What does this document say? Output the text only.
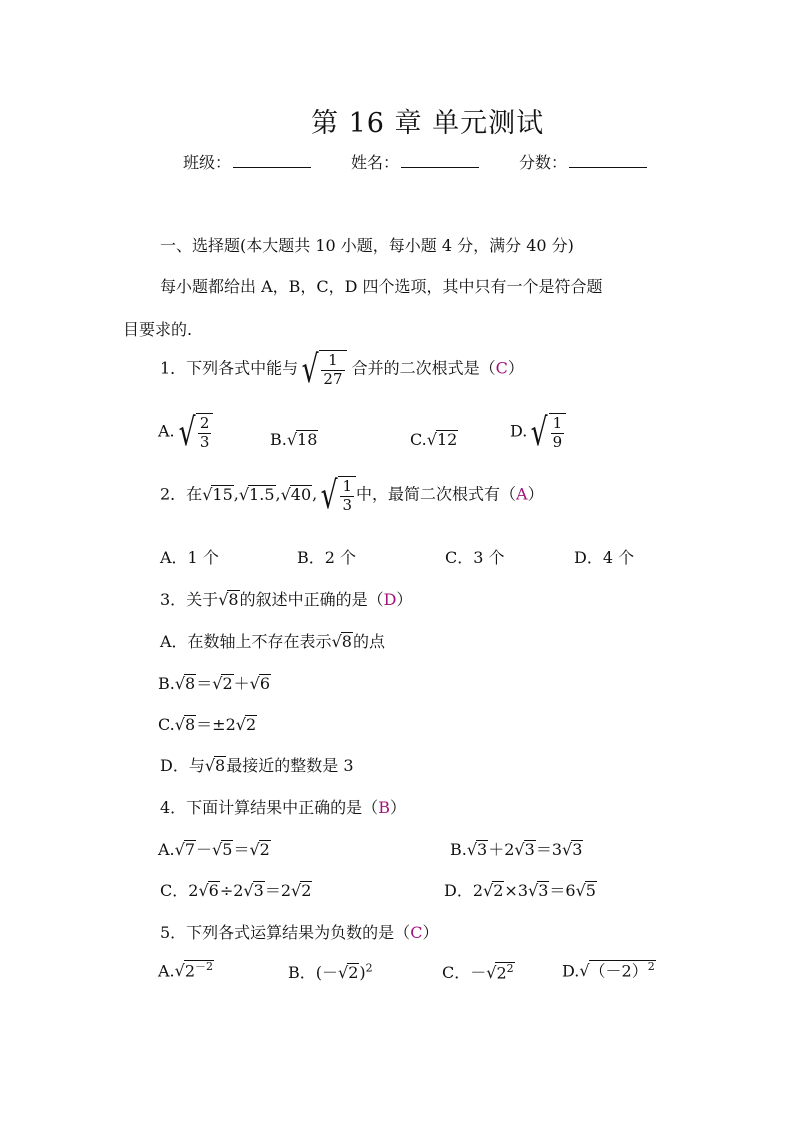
第 16 章 单元测试
班级：	姓名：	分数：
一、选择题(本大题共 10 小题，每小题 4 分，满分 40 分)
每小题都给出 A，B，C，D 四个选项，其中只有一个是符合题
目要求的.
1．下列各式中能与 √ $\frac{1}{27}$ 合并的二次根式是（C）
A. √ $\frac{2}{3}$	B.√18	C.√12	D. √ $\frac{1}{9}$
2．在√15,√1.5,√40, √ $\frac{1}{3}$ 中，最简二次根式有（A）
A．1 个	B．2 个	C．3 个	D．4 个
3．关于√8的叙述中正确的是（D）
A．在数轴上不存在表示√8的点
B.√8＝√2＋√6
C.√8＝±2√2
D．与√8最接近的整数是 3
4．下面计算结果中正确的是（B）
A.√7－√5＝√2	B.√3＋2√3＝3√3
C．2√6÷2√3＝2√2	D．2√2×3√3＝6√5
5．下列各式运算结果为负数的是（C）
$A.√2^{-2}$	B．$(-√2)^2$	C．$-√2^2$	$D.√(-2)^2$
